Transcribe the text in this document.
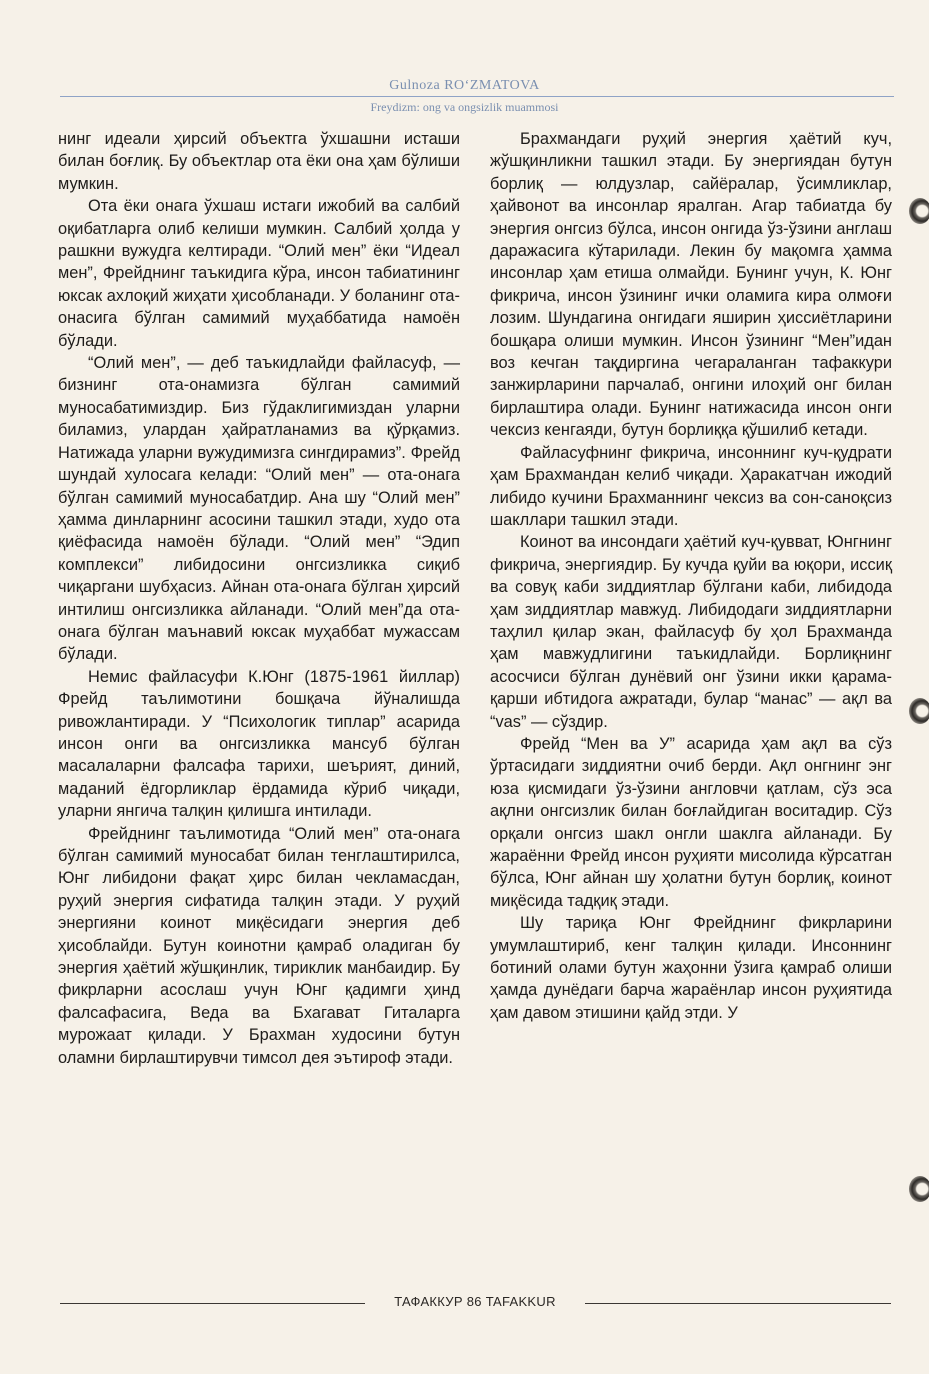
Gulnoza RO‘ZMATOVA
Freydizm: ong va ongsizlik muammosi

нинг идеали ҳирсий объектга ўхшашни исташи билан боғлиқ. Бу объектлар ота ёки она ҳам бўлиши мумкин.

Ота ёки онага ўхшаш истаги ижобий ва салбий оқибатларга олиб келиши мумкин. Салбий ҳолда у рашкни вужудга келтиради. “Олий мен” ёки “Идеал мен”, Фрейднинг таъкидига кўра, инсон табиатининг юксак ахлоқий жиҳати ҳисобланади. У боланинг ота-онасига бўлган самимий муҳаббатида намоён бўлади.

“Олий мен”, — деб таъкидлайди файласуф, — бизнинг ота-онамизга бўлган самимий муносабатимиздир. Биз гўдаклигимиздан уларни биламиз, улардан ҳайратланамиз ва қўрқамиз. Натижада уларни вужудимизга сингдирамиз”. Фрейд шундай хулосага келади: “Олий мен” — ота-онага бўлган самимий муносабатдир. Ана шу “Олий мен” ҳамма динларнинг асосини ташкил этади, худо ота қиёфасида намоён бўлади. “Олий мен” “Эдип комплекси” либидосини онгсизликка сиқиб чиқаргани шубҳасиз. Айнан ота-онага бўлган ҳирсий интилиш онгсизликка айланади. “Олий мен”да ота-онага бўлган маънавий юксак муҳаббат мужассам бўлади.

Немис файласуфи К.Юнг (1875-1961 йиллар) Фрейд таълимотини бошқача йўналишда ривожлантиради. У “Психологик типлар” асарида инсон онги ва онгсизликка мансуб бўлган масалаларни фалсафа тарихи, шеърият, диний, маданий ёдгорликлар ёрдамида кўриб чиқади, уларни янгича талқин қилишга интилади.

Фрейднинг таълимотида “Олий мен” ота-онага бўлган самимий муносабат билан тенглаштирилса, Юнг либидони фақат ҳирс билан чекламасдан, руҳий энергия сифатида талқин этади. У руҳий энергияни коинот миқёсидаги энергия деб ҳисоблайди. Бутун коинотни қамраб оладиган бу энергия ҳаётий жўшқинлик, тириклик манбаидир. Бу фикрларни асослаш учун Юнг қадимги ҳинд фалсафасига, Веда ва Бхагават Гиталарга мурожаат қилади. У Брахман худосини бутун оламни бирлаштирувчи тимсол дея эътироф этади.

Брахмандаги руҳий энергия ҳаётий куч, жўшқинликни ташкил этади. Бу энергиядан бутун борлиқ — юлдузлар, сайёралар, ўсимликлар, ҳайвонот ва инсонлар яралган. Агар табиатда бу энергия онгсиз бўлса, инсон онгида ўз-ўзини англаш даражасига кўтарилади. Лекин бу мақомга ҳамма инсонлар ҳам етиша олмайди. Бунинг учун, К. Юнг фикрича, инсон ўзининг ички оламига кира олмоғи лозим. Шундагина онгидаги яширин ҳиссиётларини бошқара олиши мумкин. Инсон ўзининг “Мен”идан воз кечган тақдиргина чегараланган тафаккури занжирларини парчалаб, онгини илоҳий онг билан бирлаштира олади. Бунинг натижасида инсон онги чексиз кенгаяди, бутун борлиққа қўшилиб кетади.

Файласуфнинг фикрича, инсоннинг куч-қудрати ҳам Брахмандан келиб чиқади. Ҳаракатчан ижодий либидо кучини Брахманнинг чексиз ва сон-саноқсиз шакллари ташкил этади.

Коинот ва инсондаги ҳаётий куч-қувват, Юнгнинг фикрича, энергиядир. Бу кучда қуйи ва юқори, иссиқ ва совуқ каби зиддиятлар бўлгани каби, либидода ҳам зиддиятлар мавжуд. Либидодаги зиддиятларни таҳлил қилар экан, файласуф бу ҳол Брахманда ҳам мавжудлигини таъкидлайди. Борлиқнинг асосчиси бўлган дунёвий онг ўзини икки қарама-қарши ибтидога ажратади, булар “манас” — ақл ва “vas” — сўздир.

Фрейд “Мен ва У” асарида ҳам ақл ва сўз ўртасидаги зиддиятни очиб берди. Ақл онгнинг энг юза қисмидаги ўз-ўзини англовчи қатлам, сўз эса ақлни онгсизлик билан боғлайдиган воситадир. Сўз орқали онгсиз шакл онгли шаклга айланади. Бу жараённи Фрейд инсон руҳияти мисолида кўрсатган бўлса, Юнг айнан шу ҳолатни бутун борлиқ, коинот миқёсида тадқиқ этади.

Шу тариқа Юнг Фрейднинг фикрларини умумлаштириб, кенг талқин қилади. Инсоннинг ботиний олами бутун жаҳонни ўзига қамраб олиши ҳамда дунёдаги барча жараёнлар инсон руҳиятида ҳам давом этишини қайд этди. У

ТАФАККУР 86 TAFAKKUR
